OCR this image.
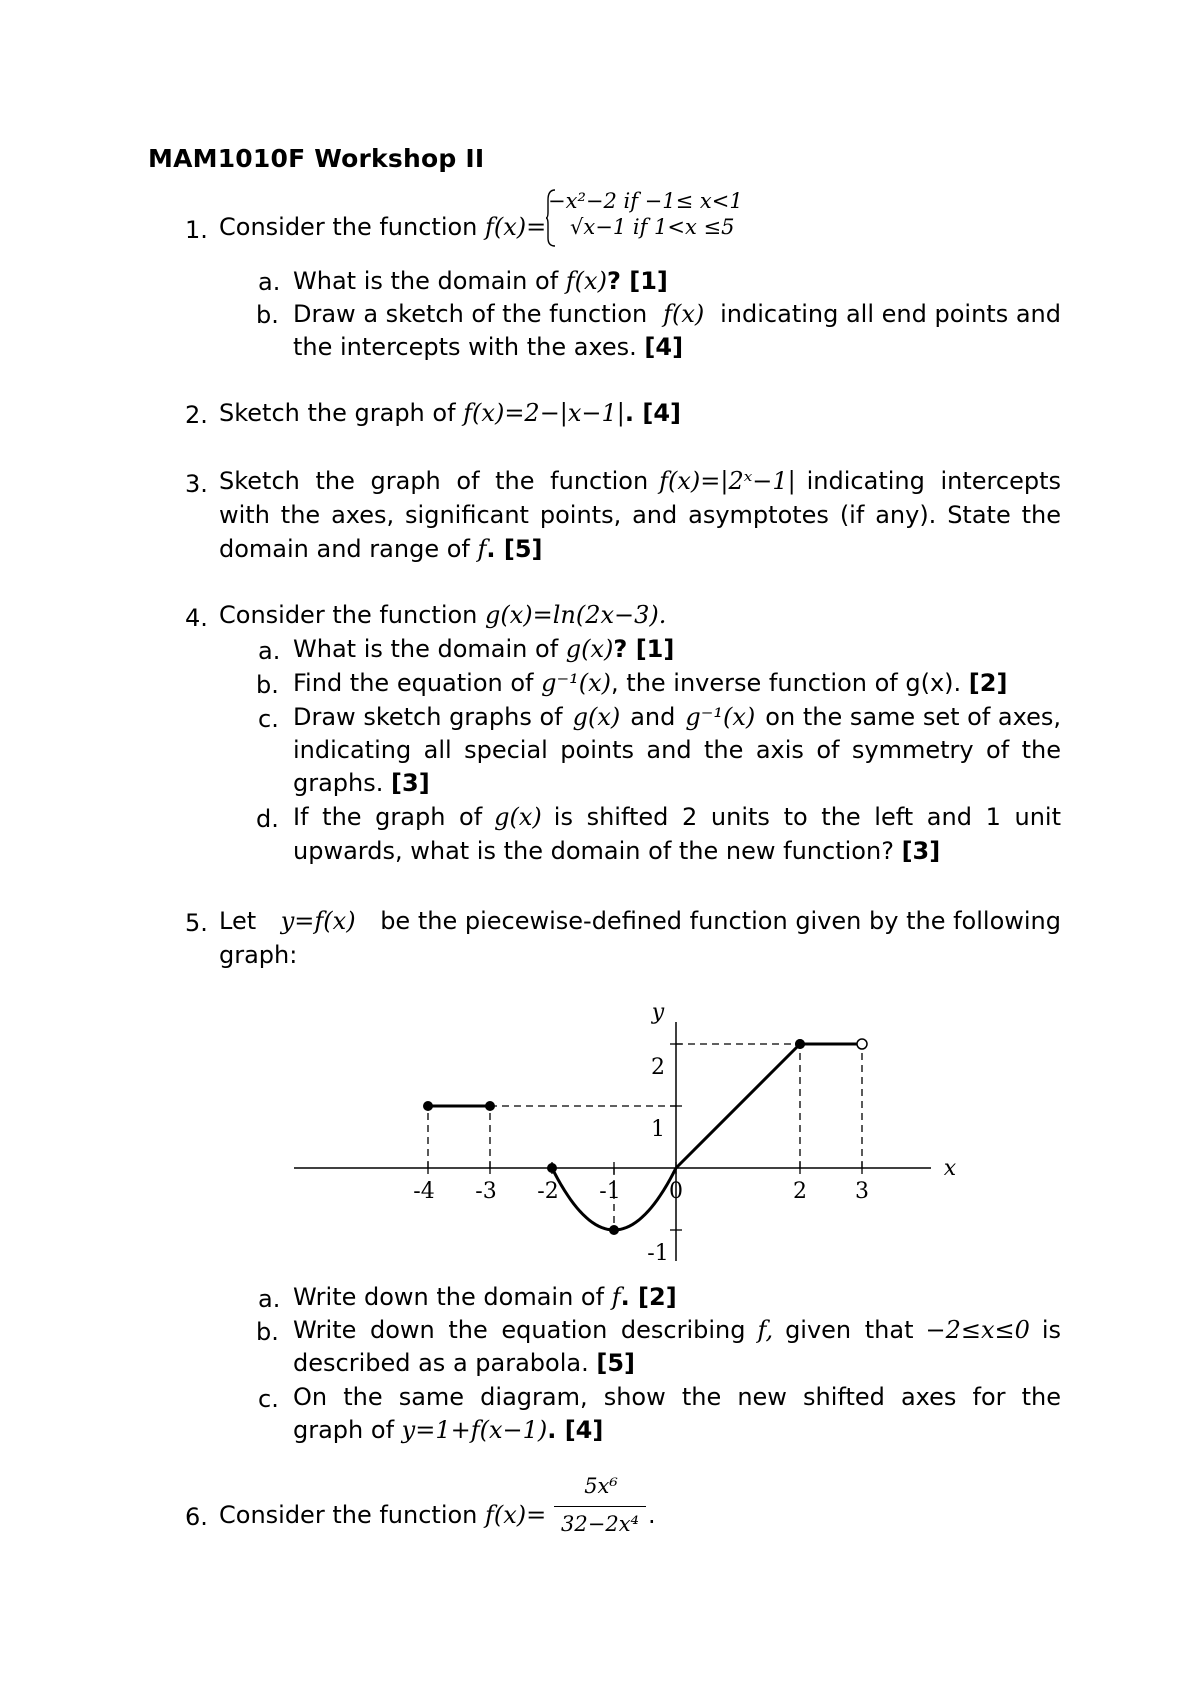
MAM1010F Workshop II
1. Consider the function f(x)=
−x²−2 if −1≤ x<1
√x−1 if 1<x ≤5
a. What is the domain of f(x)? [1]
b. Draw a sketch of the function f(x) indicating all end points and
the intercepts with the axes. [4]
2. Sketch the graph of f(x)=2−|x−1|. [4]
3. Sketch the graph of the function f(x)=|2ˣ−1| indicating intercepts
with the axes, significant points, and asymptotes (if any). State the
domain and range of f. [5]
4. Consider the function g(x)=ln(2x−3).
a. What is the domain of g(x)? [1]
b. Find the equation of g⁻¹(x), the inverse function of g(x). [2]
c. Draw sketch graphs of g(x) and g⁻¹(x) on the same set of axes,
indicating all special points and the axis of symmetry of the
graphs. [3]
d. If the graph of g(x) is shifted 2 units to the left and 1 unit
upwards, what is the domain of the new function? [3]
5. Let y=f(x) be the piecewise-defined function given by the following
graph:
-4 -3 -2 -1 0	2 3
2
1
-1
x
y
a. Write down the domain of f. [2]
b. Write down the equation describing f, given that −2≤x≤0 is
described as a parabola. [5]
c. On the same diagram, show the new shifted axes for the
graph of y=1+f(x−1). [4]
6. Consider the function f(x)=
5x⁶
32−2x⁴ .
